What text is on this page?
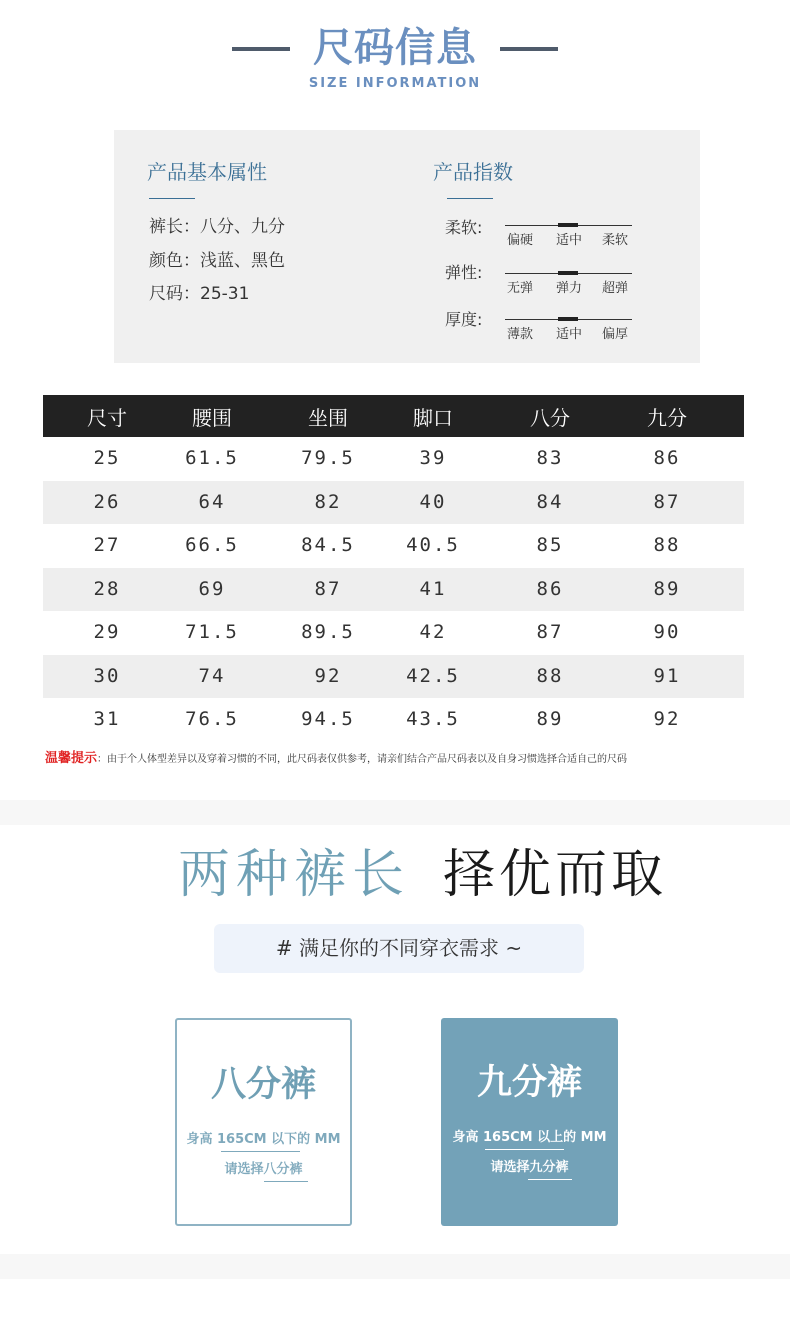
尺码信息
SIZE INFORMATION
产品基本属性
裤长：八分、九分
颜色：浅蓝、黑色
尺码：25-31
产品指数
柔软:
偏硬	适中	柔软
弹性:
无弹	弹力	超弹
厚度:
薄款	适中	偏厚
尺寸	腰围	坐围	脚口	八分	九分
25	61.5	79.5	39	83	86
26	64	82	40	84	87
27	66.5	84.5	40.5	85	88
28	69	87	41	86	89
29	71.5	89.5	42	87	90
30	74	92	42.5	88	91
31	76.5	94.5	43.5	89	92
温馨提示：由于个人体型差异以及穿着习惯的不同，此尺码表仅供参考，请亲们结合产品尺码表以及自身习惯选择合适自己的尺码
两种裤长 择优而取
# 满足你的不同穿衣需求 ~
八分裤
身高 165CM 以下的 MM
请选择八分裤
九分裤
身高 165CM 以上的 MM
请选择九分裤
